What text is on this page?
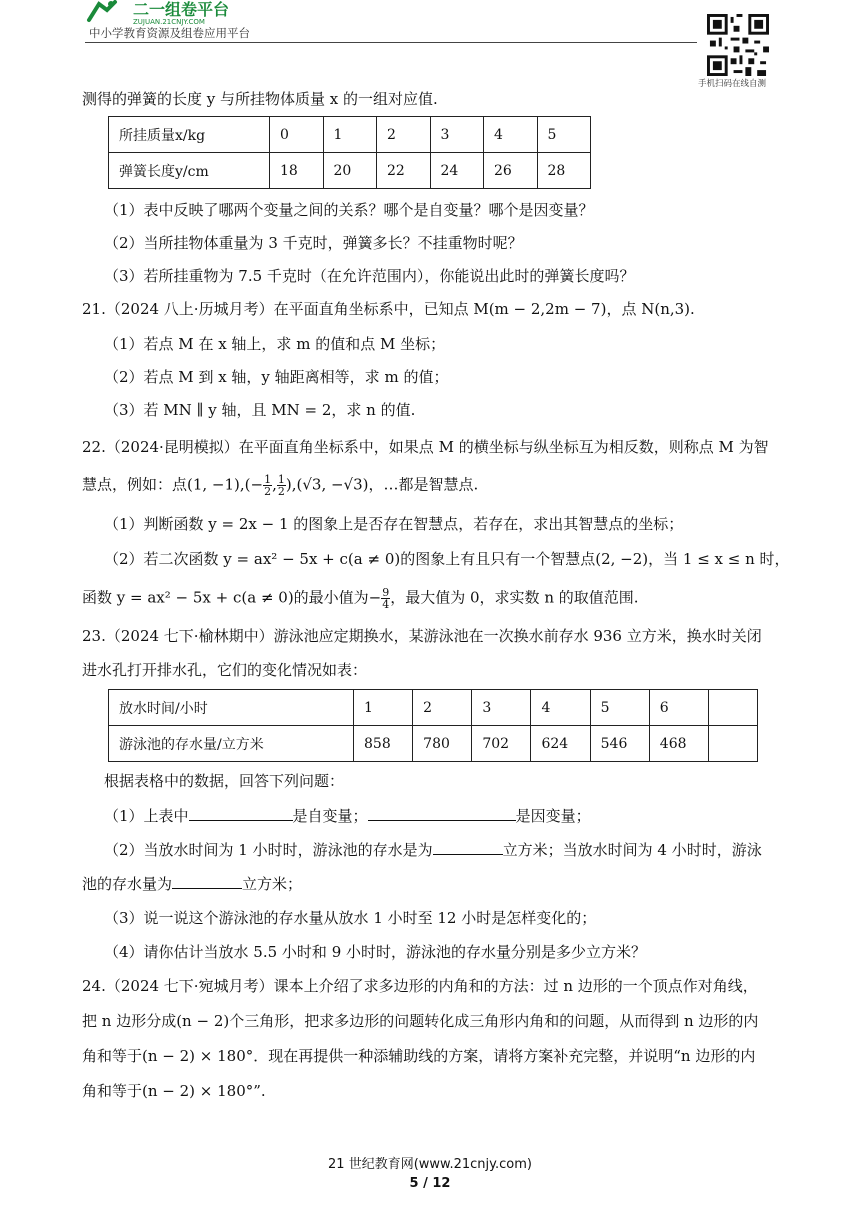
二一组卷平台
ZUJUAN.21CNJY.COM
中小学教育资源及组卷应用平台
手机扫码在线自测
测得的弹簧的长度 y 与所挂物体质量 x 的一组对应值.
所挂质量x/kg	0	1	2	3	4	5
弹簧长度y/cm	18	20	22	24	26	28
（1）表中反映了哪两个变量之间的关系？哪个是自变量？哪个是因变量？
（2）当所挂物体重量为 3 千克时，弹簧多长？不挂重物时呢？
（3）若所挂重物为 7.5 千克时（在允许范围内），你能说出此时的弹簧长度吗？
21.（2024 八上·历城月考）在平面直角坐标系中，已知点 M(m − 2,2m − 7)，点 N(n,3).
（1）若点 M 在 x 轴上，求 m 的值和点 M 坐标；
（2）若点 M 到 x 轴，y 轴距离相等，求 m 的值；
（3）若 MN ∥ y 轴，且 MN = 2，求 n 的值.
22.（2024·昆明模拟）在平面直角坐标系中，如果点 M 的横坐标与纵坐标互为相反数，则称点 M 为智
慧点，例如：点(1, $-1),(- \frac{1}{2}$ , $\frac{1}{2} ),(√3$, −√3)，…都是智慧点.
（1）判断函数 y = 2x − 1 的图象上是否存在智慧点，若存在，求出其智慧点的坐标；
（2）若二次函数 y = ax² − 5x + c(a ≠ 0)的图象上有且只有一个智慧点(2, −2)，当 1 ≤ x ≤ n 时，
函数 y = ax² − 5x + c(a ≠ 0)的最小值为− $\frac{9}{4}$ ，最大值为 0，求实数 n 的取值范围.
23.（2024 七下·榆林期中）游泳池应定期换水，某游泳池在一次换水前存水 936 立方米，换水时关闭
进水孔打开排水孔，它们的变化情况如表：
放水时间/小时	1	2	3	4	5	6	
游泳池的存水量/立方米	858	780	702	624	546	468	
根据表格中的数据，回答下列问题：
（1）上表中	是自变量；	是因变量；
（2）当放水时间为 1 小时时，游泳池的存水是为	立方米；当放水时间为 4 小时时，游泳
池的存水量为	立方米；
（3）说一说这个游泳池的存水量从放水 1 小时至 12 小时是怎样变化的；
（4）请你估计当放水 5.5 小时和 9 小时时，游泳池的存水量分别是多少立方米？
24.（2024 七下·宛城月考）课本上介绍了求多边形的内角和的方法：过 n 边形的一个顶点作对角线，
把 n 边形分成(n − 2)个三角形，把求多边形的问题转化成三角形内角和的问题，从而得到 n 边形的内
角和等于(n − 2) × 180°．现在再提供一种添辅助线的方案，请将方案补充完整，并说明“n 边形的内
角和等于(n − 2) × 180°”.
21 世纪教育网(www.21cnjy.com)
5 / 12
